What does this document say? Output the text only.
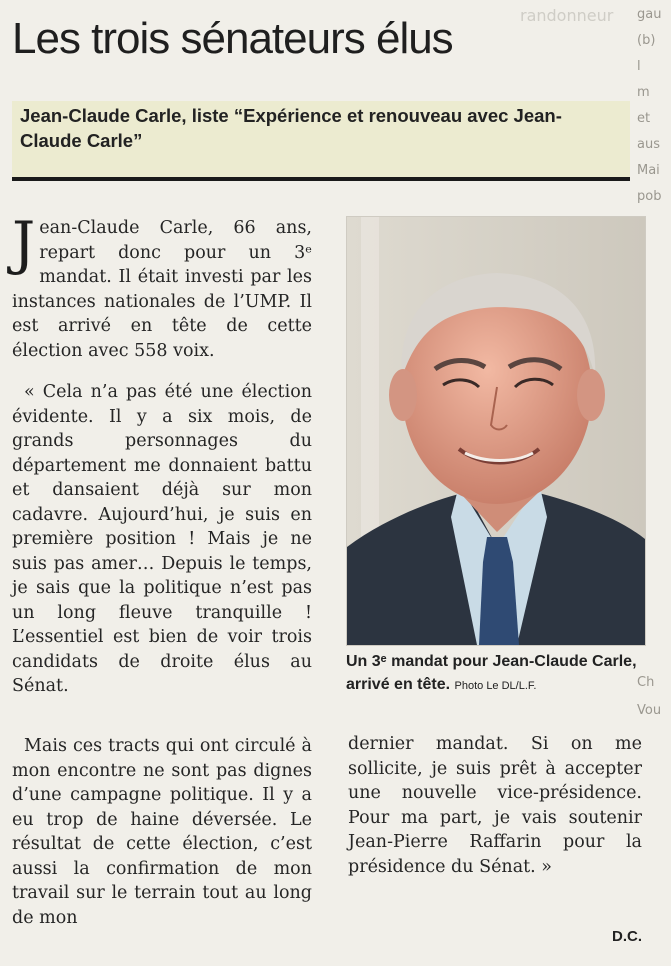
gau
(b)
l
m
et
aus
Mai
pob
Ch
Vou
randonneur
Les trois sénateurs élus

Jean-Claude Carle, liste “Expérience et renouveau avec Jean-Claude Carle”

Jean-Claude Carle, 66 ans, repart donc pour un 3ᵉ mandat. Il était investi par les instances nationales de l’UMP. Il est arrivé en tête de cette élection avec 558 voix.

« Cela n’a pas été une élection évidente. Il y a six mois, de grands personnages du département me donnaient battu et dansaient déjà sur mon cadavre. Aujourd’hui, je suis en première position ! Mais je ne suis pas amer… Depuis le temps, je sais que la politique n’est pas un long fleuve tranquille ! L’essentiel est bien de voir trois candidats de droite élus au Sénat.

Mais ces tracts qui ont circulé à mon encontre ne sont pas dignes d’une campagne politique. Il y a eu trop de haine déversée. Le résultat de cette élection, c’est aussi la confirmation de mon travail sur le terrain tout au long de mon

Un 3ᵉ mandat pour Jean-Claude Carle, arrivé en tête. Photo Le DL/L.F.

dernier mandat. Si on me sollicite, je suis prêt à accepter une nouvelle vice-présidence. Pour ma part, je vais soutenir Jean-Pierre Raffarin pour la présidence du Sénat. »

D.C.
